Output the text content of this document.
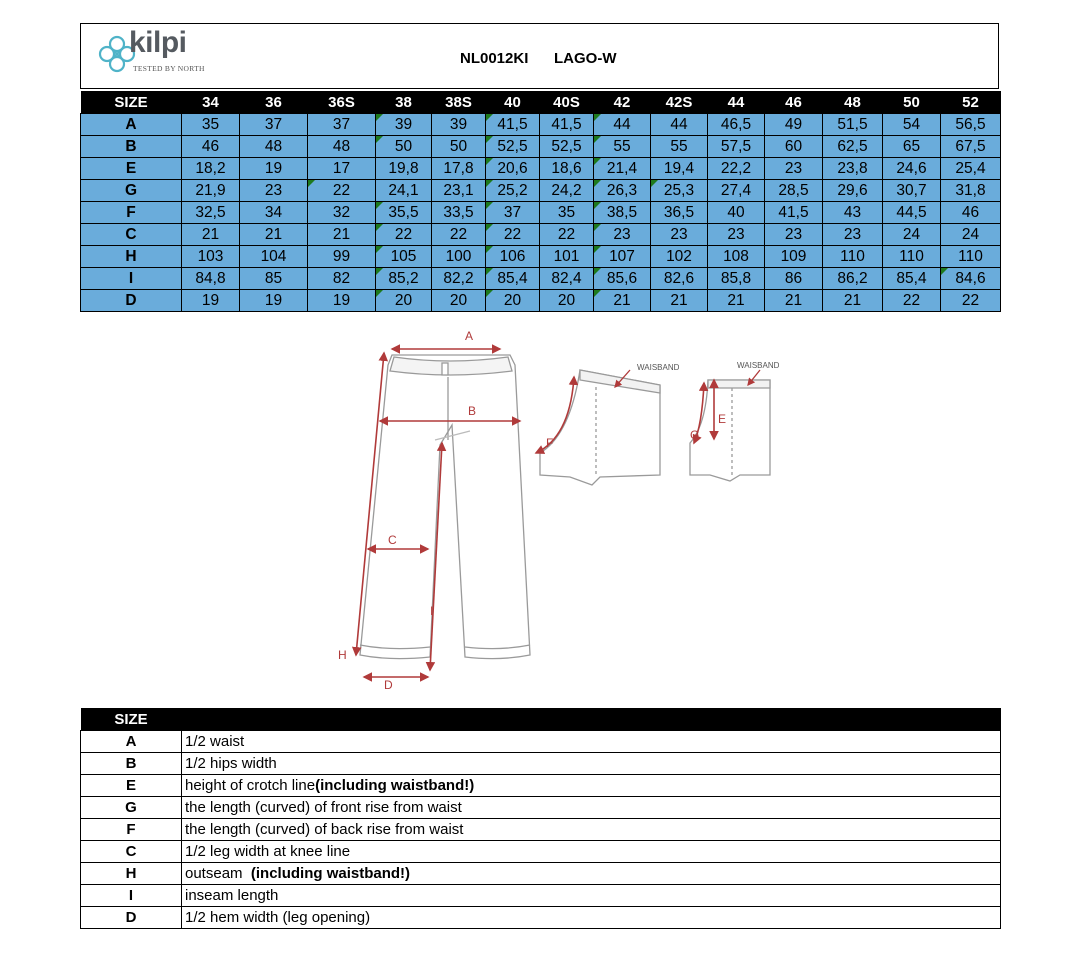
kilpi
TESTED BY NORTH
NL0012KI LAGO-W
SIZE	34	36	36S	38	38S	40	40S	42	42S	44	46	48	50	52
A	35	37	37	39	39	41,5	41,5	44	44	46,5	49	51,5	54	56,5
B	46	48	48	50	50	52,5	52,5	55	55	57,5	60	62,5	65	67,5
E	18,2	19	17	19,8	17,8	20,6	18,6	21,4	19,4	22,2	23	23,8	24,6	25,4
G	21,9	23	22	24,1	23,1	25,2	24,2	26,3	25,3	27,4	28,5	29,6	30,7	31,8
F	32,5	34	32	35,5	33,5	37	35	38,5	36,5	40	41,5	43	44,5	46
C	21	21	21	22	22	22	22	23	23	23	23	23	24	24
H	103	104	99	105	100	106	101	107	102	108	109	110	110	110
I	84,8	85	82	85,2	82,2	85,4	82,4	85,6	82,6	85,8	86	86,2	85,4	84,6
D	19	19	19	20	20	20	20	21	21	21	21	21	22	22
A
B
C
D
H
I
F
WAISBAND
E
G
WAISBAND
SIZE	
A	1/2 waist
B	1/2 hips width
E	height of crotch line(including waistband!)
G	the length (curved) of front rise from waist
F	the length (curved) of back rise from waist
C	1/2 leg width at knee line
H	outseam  (including waistband!)
I	inseam length
D	1/2 hem width (leg opening)
